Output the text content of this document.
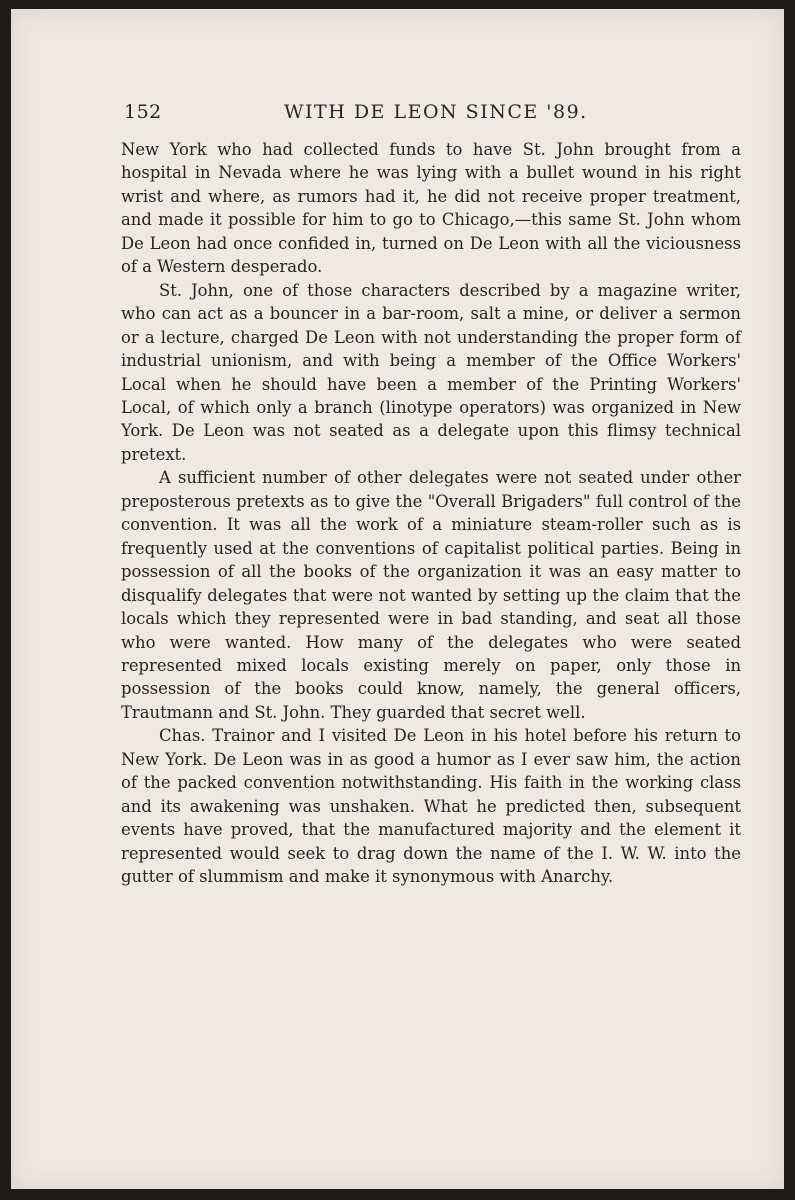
152	WITH DE LEON SINCE '89.

New York who had collected funds to have St. John brought from a hospital in Nevada where he was lying with a bullet wound in his right wrist and where, as rumors had it, he did not receive proper treatment, and made it possible for him to go to Chicago,—this same St. John whom De Leon had once confided in, turned on De Leon with all the viciousness of a Western desperado.

St. John, one of those characters described by a magazine writer, who can act as a bouncer in a bar-room, salt a mine, or deliver a sermon or a lecture, charged De Leon with not understanding the proper form of industrial unionism, and with being a member of the Office Workers' Local when he should have been a member of the Printing Workers' Local, of which only a branch (linotype operators) was organized in New York. De Leon was not seated as a delegate upon this flimsy technical pretext.

A sufficient number of other delegates were not seated under other preposterous pretexts as to give the "Overall Brigaders" full control of the convention. It was all the work of a miniature steam-roller such as is frequently used at the conventions of capitalist political parties. Being in possession of all the books of the organization it was an easy matter to disqualify delegates that were not wanted by setting up the claim that the locals which they represented were in bad standing, and seat all those who were wanted. How many of the delegates who were seated represented mixed locals existing merely on paper, only those in possession of the books could know, namely, the general officers, Trautmann and St. John. They guarded that secret well.

Chas. Trainor and I visited De Leon in his hotel before his return to New York. De Leon was in as good a humor as I ever saw him, the action of the packed convention notwithstanding. His faith in the working class and its awakening was unshaken. What he predicted then, subsequent events have proved, that the manufactured majority and the element it represented would seek to drag down the name of the I. W. W. into the gutter of slummism and make it synonymous with Anarchy.
